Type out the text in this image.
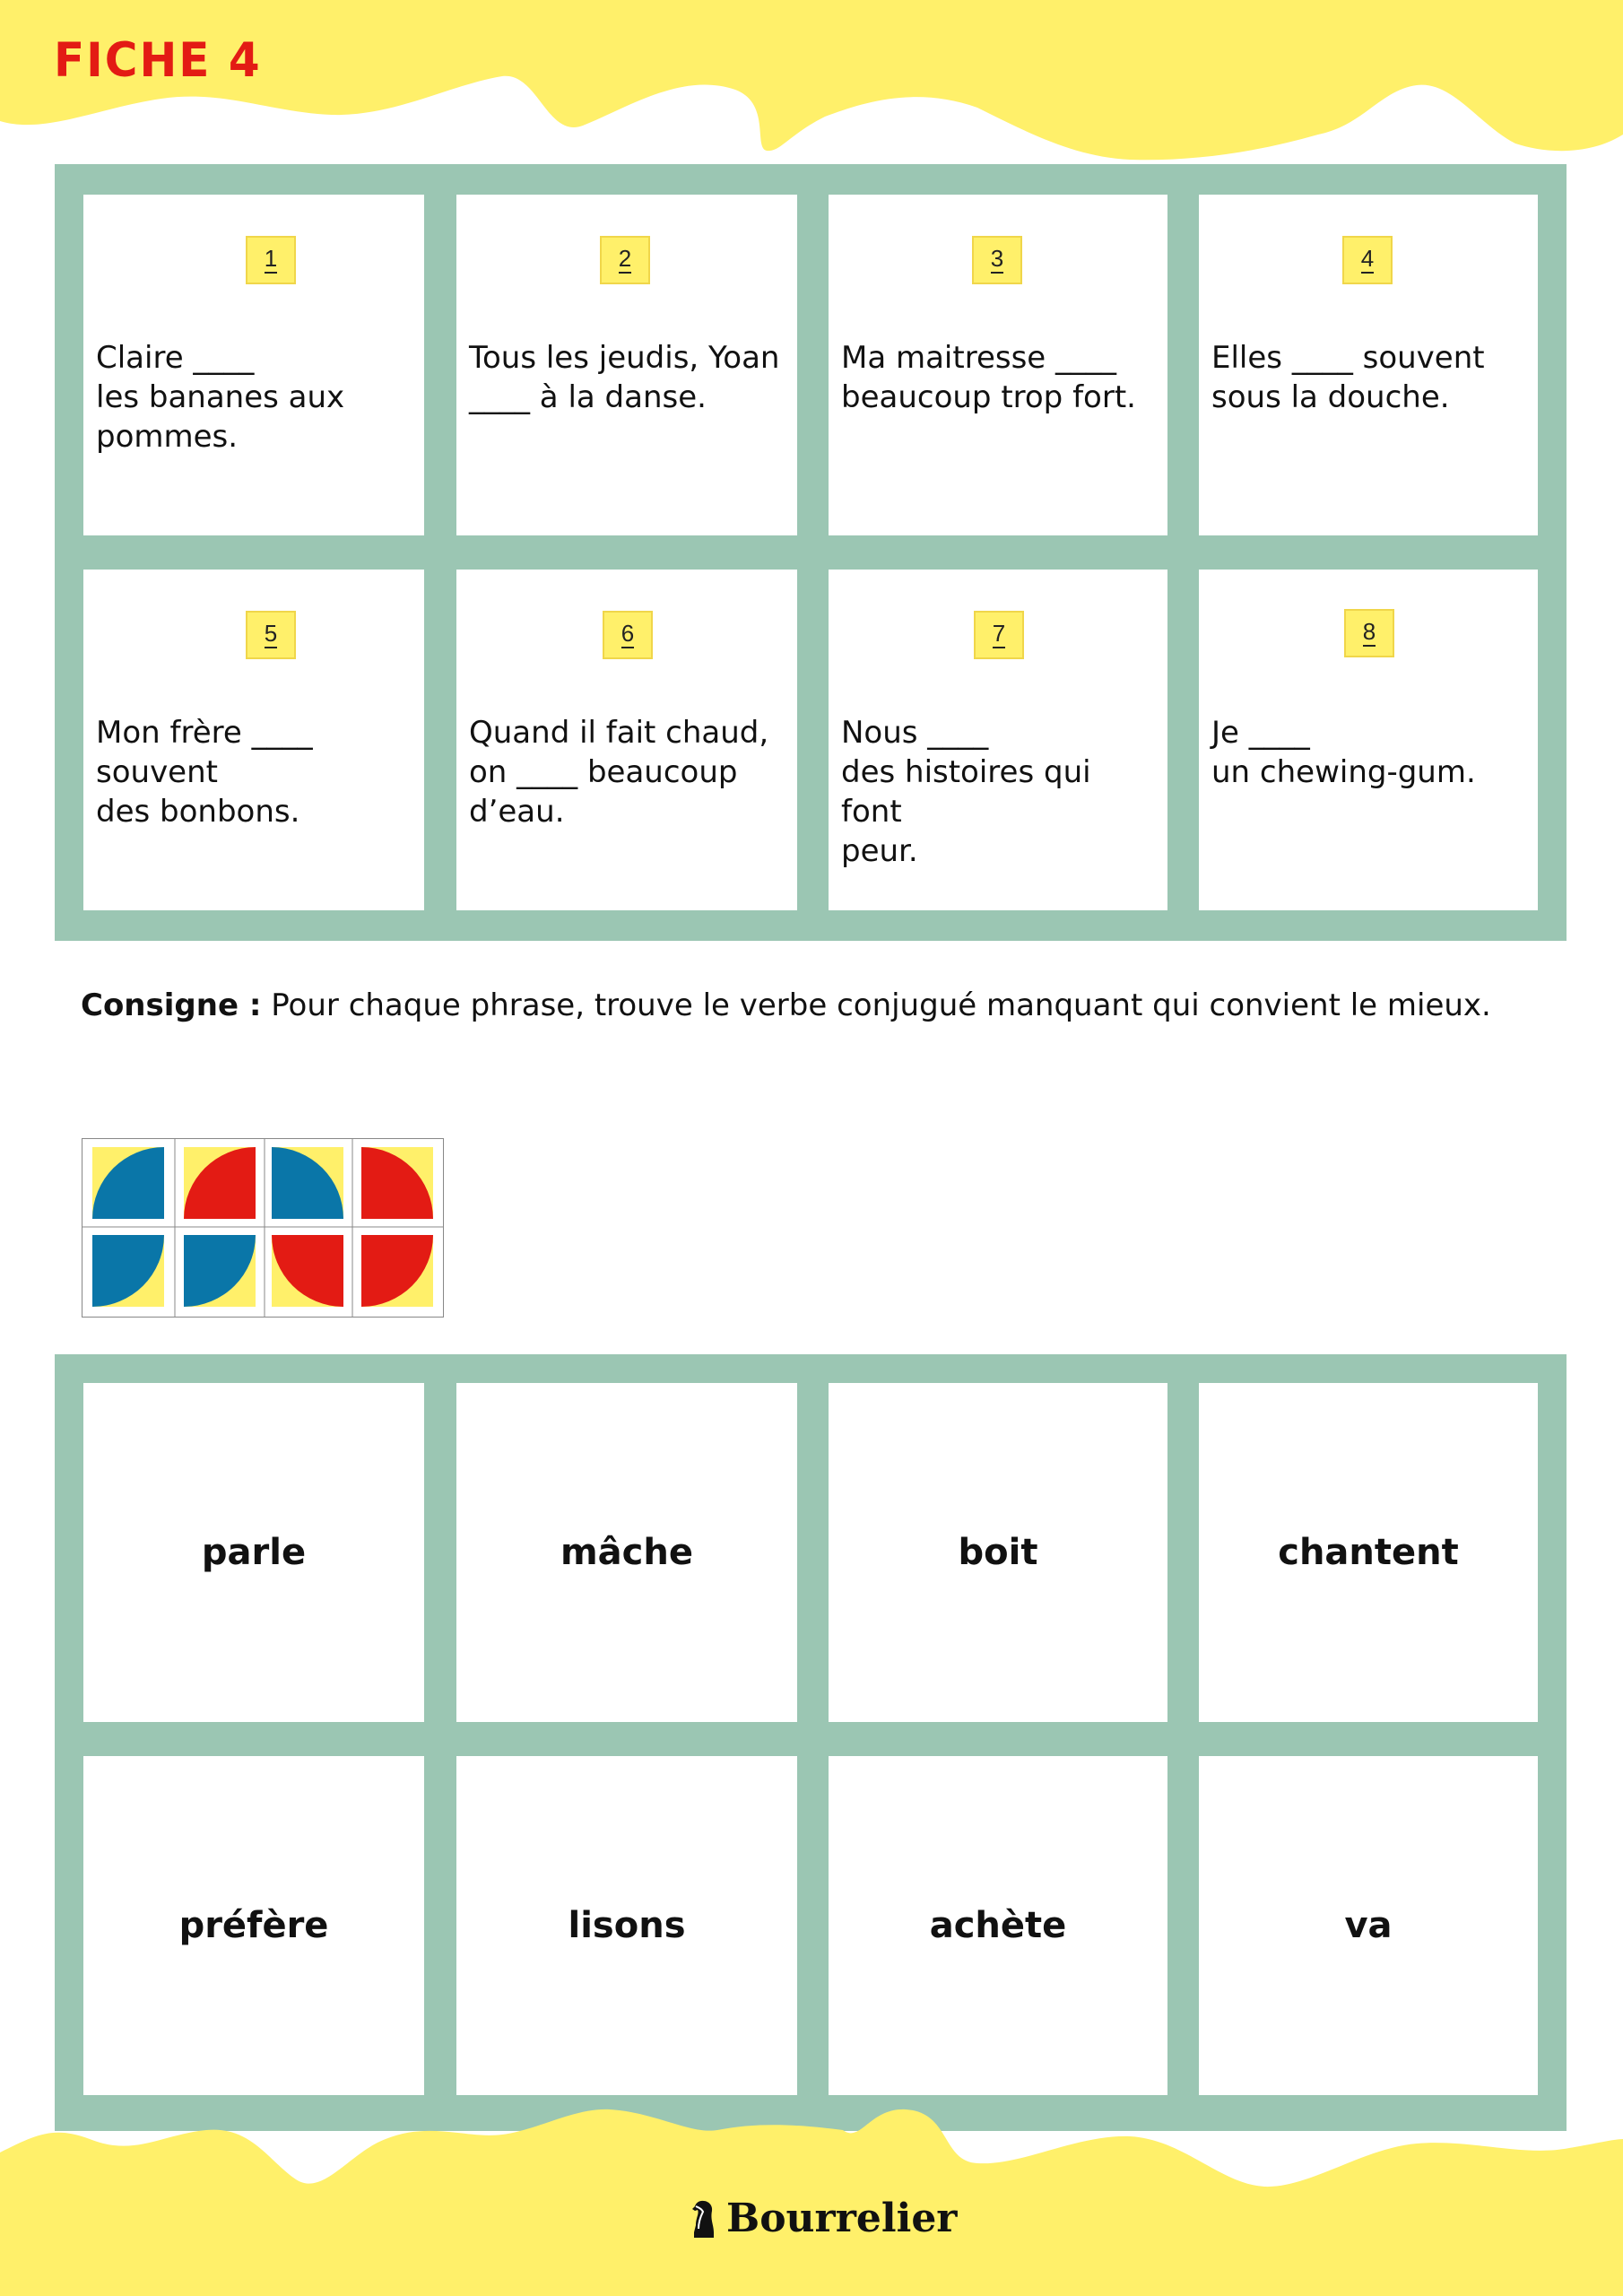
FICHE 4
1
Claire ____
les bananes aux
pommes.
2
Tous les jeudis, Yoan
____ à la danse.
3
Ma maitresse ____
beaucoup trop fort.
4
Elles ____ souvent
sous la douche.
5
Mon frère ____
souvent
des bonbons.
6
Quand il fait chaud,
on ____ beaucoup
d’eau.
7
Nous ____
des histoires qui font
peur.
8
Je ____
un chewing-gum.
Consigne : Pour chaque phrase, trouve le verbe conjugué manquant qui convient le mieux.
parle	mâche	boit	chantent
préfère	lisons	achète	va
Bourrelier
